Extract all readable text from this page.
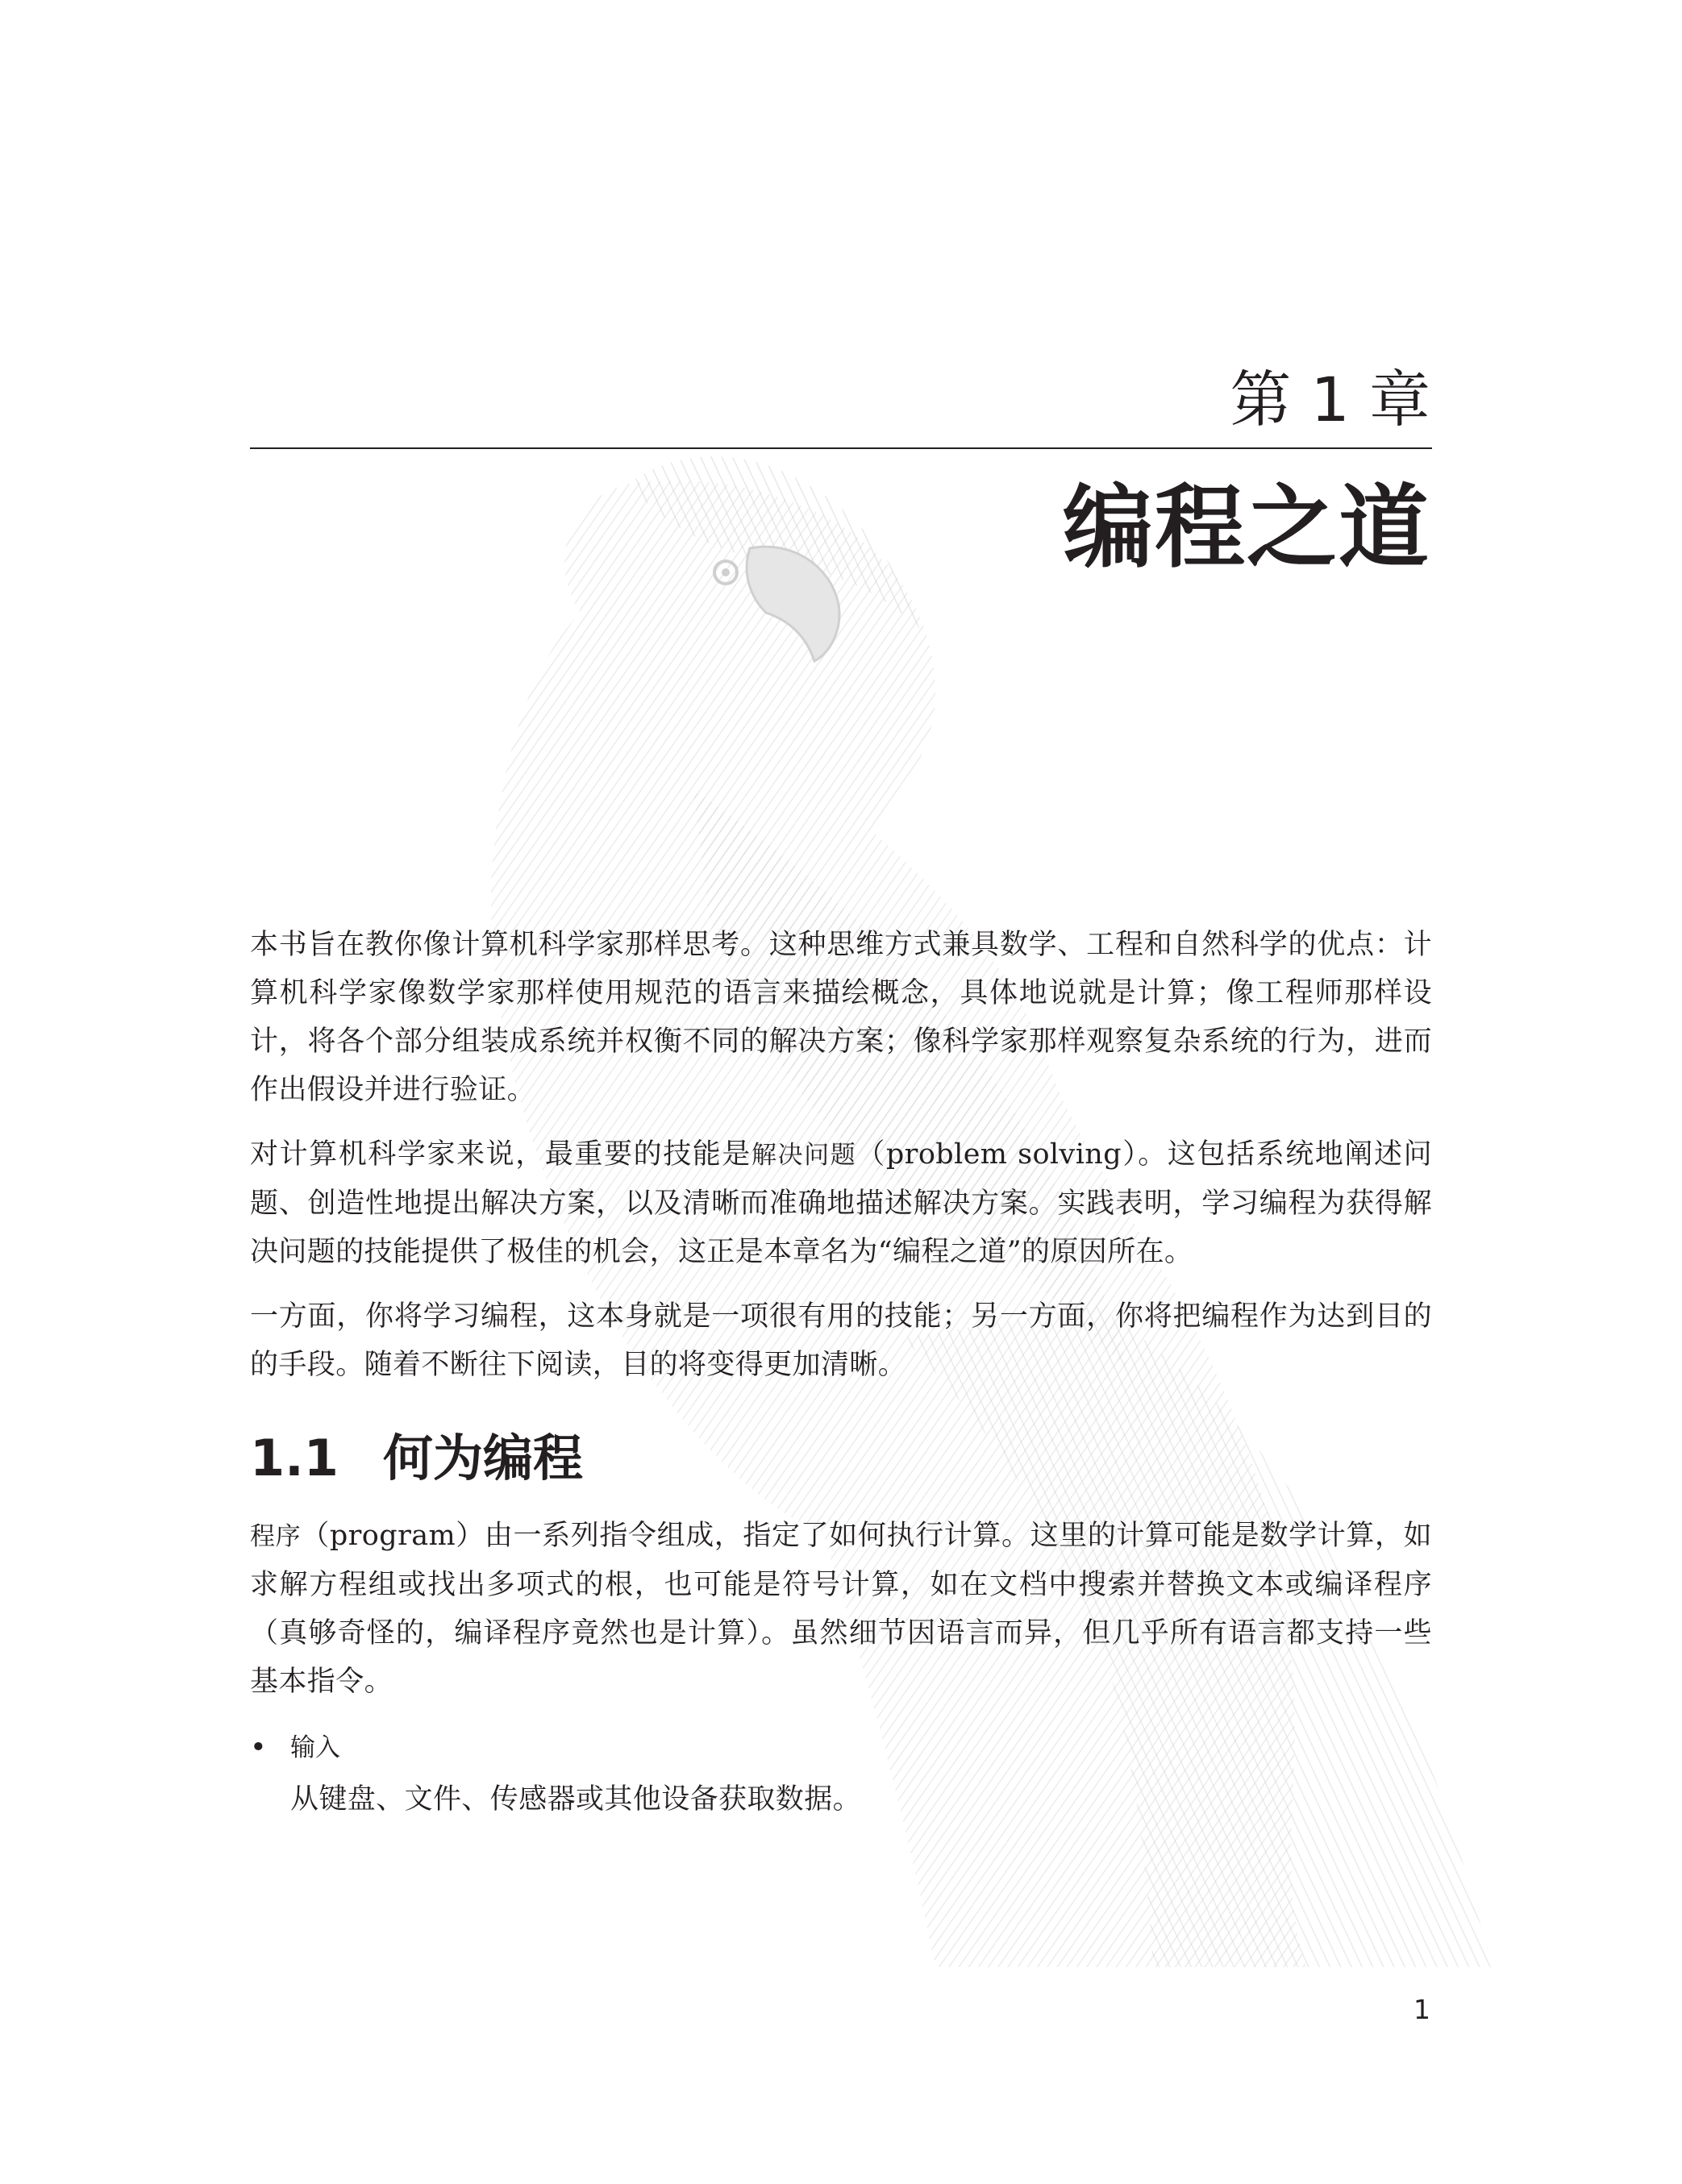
第 1 章
编程之道

本书旨在教你像计算机科学家那样思考。这种思维方式兼具数学、工程和自然科学的优点：计算机科学家像数学家那样使用规范的语言来描绘概念，具体地说就是计算；像工程师那样设计，将各个部分组装成系统并权衡不同的解决方案；像科学家那样观察复杂系统的行为，进而作出假设并进行验证。

对计算机科学家来说，最重要的技能是解决问题（problem solving）。这包括系统地阐述问题、创造性地提出解决方案，以及清晰而准确地描述解决方案。实践表明，学习编程为获得解决问题的技能提供了极佳的机会，这正是本章名为“编程之道”的原因所在。

一方面，你将学习编程，这本身就是一项很有用的技能；另一方面，你将把编程作为达到目的的手段。随着不断往下阅读，目的将变得更加清晰。

1.1 何为编程

程序（program）由一系列指令组成，指定了如何执行计算。这里的计算可能是数学计算，如求解方程组或找出多项式的根，也可能是符号计算，如在文档中搜索并替换文本或编译程序（真够奇怪的，编译程序竟然也是计算）。虽然细节因语言而异，但几乎所有语言都支持一些基本指令。

• 输入
从键盘、文件、传感器或其他设备获取数据。
1
